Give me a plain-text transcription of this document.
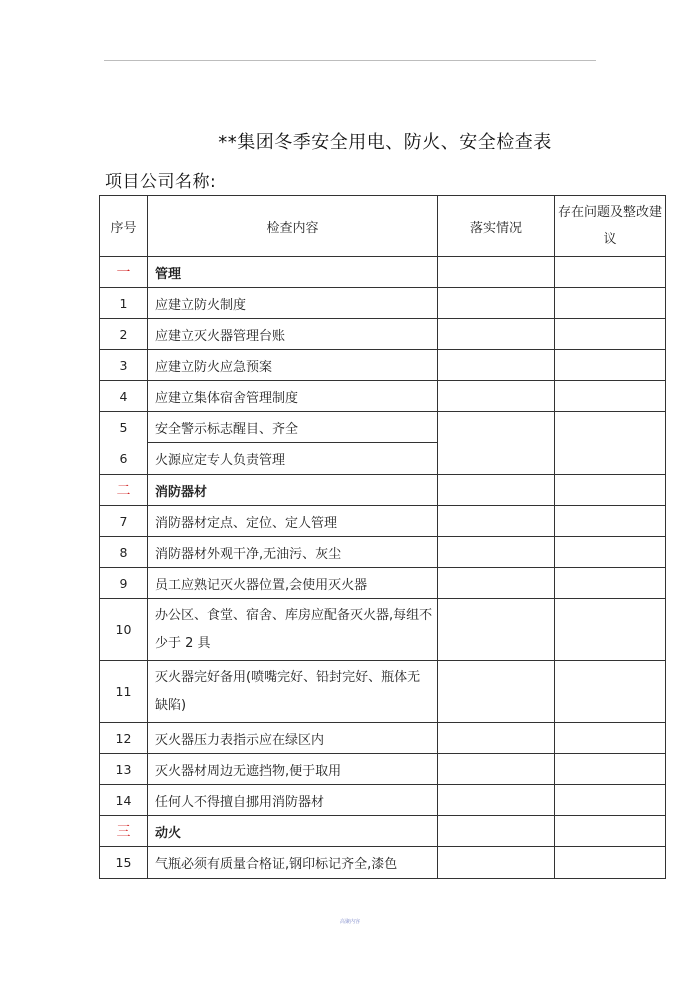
**集团冬季安全用电、防火、安全检查表
项目公司名称:
序号	检查内容	落实情况	存在问题及整改建议
一	管理		
1	应建立防火制度		
2	应建立灭火器管理台账		
3	应建立防火应急预案		
4	应建立集体宿舍管理制度		
5	安全警示标志醒目、齐全		
6	火源应定专人负责管理		
二	消防器材		
7	消防器材定点、定位、定人管理		
8	消防器材外观干净,无油污、灰尘		
9	员工应熟记灭火器位置,会使用灭火器		
10	办公区、食堂、宿舍、库房应配备灭火器,每组不少于 2 具		
11	灭火器完好备用(喷嘴完好、铅封完好、瓶体无缺陷)		
12	灭火器压力表指示应在绿区内		
13	灭火器材周边无遮挡物,便于取用		
14	任何人不得擅自挪用消防器材		
三	动火		
15	气瓶必须有质量合格证,钢印标记齐全,漆色		
高聚内容
